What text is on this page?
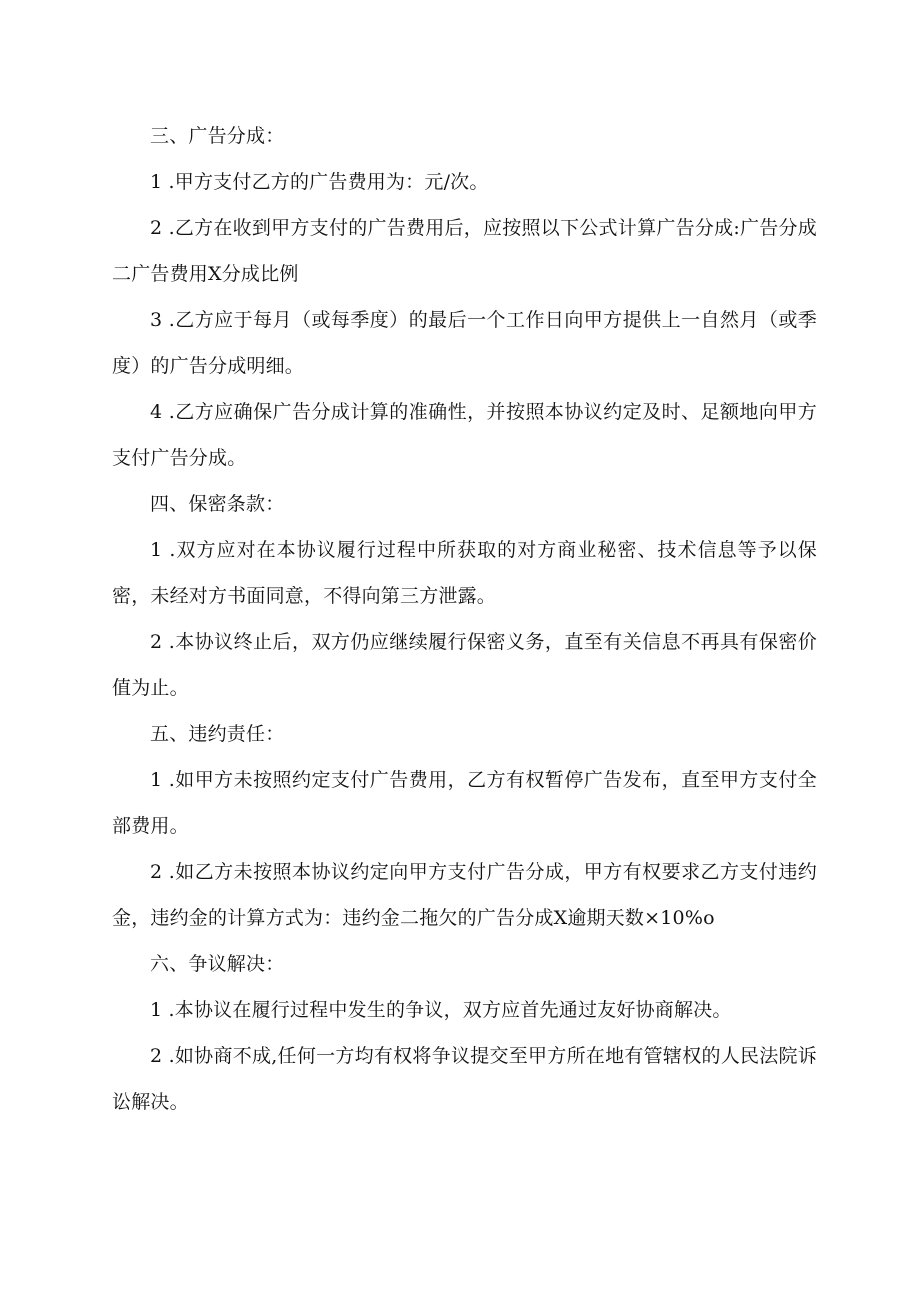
三、广告分成：

1 .甲方支付乙方的广告费用为：元/次。

2 .乙方在收到甲方支付的广告费用后，应按照以下公式计算广告分成:广告分成二广告费用X分成比例

3 .乙方应于每月（或每季度）的最后一个工作日向甲方提供上一自然月（或季度）的广告分成明细。

4 .乙方应确保广告分成计算的准确性，并按照本协议约定及时、足额地向甲方支付广告分成。

四、保密条款：

1 .双方应对在本协议履行过程中所获取的对方商业秘密、技术信息等予以保密，未经对方书面同意，不得向第三方泄露。

2 .本协议终止后，双方仍应继续履行保密义务，直至有关信息不再具有保密价值为止。

五、违约责任：

1 .如甲方未按照约定支付广告费用，乙方有权暂停广告发布，直至甲方支付全部费用。

2 .如乙方未按照本协议约定向甲方支付广告分成，甲方有权要求乙方支付违约金，违约金的计算方式为：违约金二拖欠的广告分成X逾期天数×10%o

六、争议解决：

1 .本协议在履行过程中发生的争议，双方应首先通过友好协商解决。

2 .如协商不成,任何一方均有权将争议提交至甲方所在地有管辖权的人民法院诉讼解决。
